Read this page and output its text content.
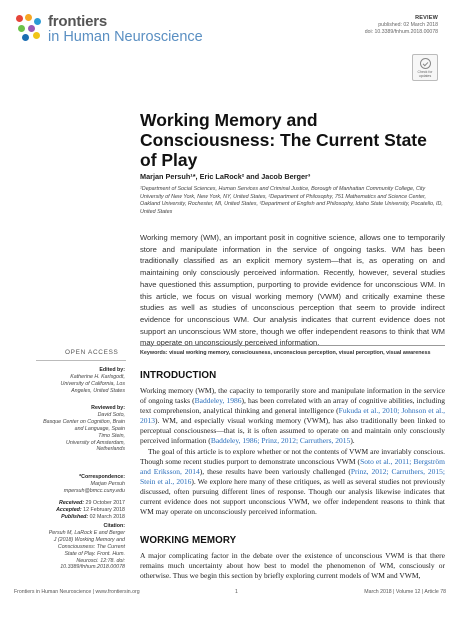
frontiers
in Human Neuroscience
REVIEW
published: 02 March 2018
doi: 10.3389/fnhum.2018.00078
Check for
updates
Working Memory and Consciousness: The Current State of Play
Marjan Persuh¹*, Eric LaRock² and Jacob Berger³
¹Department of Social Sciences, Human Services and Criminal Justice, Borough of Manhattan Community College, City University of New York, New York, NY, United States, ²Department of Philosophy, 751 Mathematics and Science Center, Oakland University, Rochester, MI, United States, ³Department of English and Philosophy, Idaho State University, Pocatello, ID, United States
Working memory (WM), an important posit in cognitive science, allows one to temporarily store and manipulate information in the service of ongoing tasks. WM has been traditionally classified as an explicit memory system—that is, as operating on and maintaining only consciously perceived information. Recently, however, several studies have questioned this assumption, purporting to provide evidence for unconscious WM. In this article, we focus on visual working memory (VWM) and critically examine these studies as well as studies of unconscious perception that seem to provide indirect evidence for unconscious WM. Our analysis indicates that current evidence does not support an unconscious WM store, though we offer independent reasons to think that WM may operate on unconsciously perceived information.
Keywords: visual working memory, consciousness, unconscious perception, visual perception, visual awareness
OPEN ACCESS
Edited by:
Katherine H. Karlsgodt,
University of California, Los Angeles, United States
Reviewed by:
David Soto,
Basque Center on Cognition, Brain and Language, Spain
Timo Stein,
University of Amsterdam, Netherlands
*Correspondence:
Marjan Persuh
mpersuh@bmcc.cuny.edu
Received: 29 October 2017
Accepted: 12 February 2018
Published: 02 March 2018
Citation:
Persuh M, LaRock E and Berger J (2018) Working Memory and Consciousness: The Current State of Play. Front. Hum. Neurosci. 12:78. doi: 10.3389/fnhum.2018.00078
INTRODUCTION

Working memory (WM), the capacity to temporarily store and manipulate information in the service of ongoing tasks (Baddeley, 1986), has been correlated with an array of cognitive abilities, including text comprehension, analytical thinking and general intelligence (Fukuda et al., 2010; Johnson et al., 2013). WM, and especially visual working memory (VWM), has also traditionally been linked to perceptual consciousness—that is, it is often assumed to operate on and maintain only consciously perceived information (Baddeley, 1986; Prinz, 2012; Carruthers, 2015).

The goal of this article is to explore whether or not the contents of VWM are invariably conscious. Though some recent studies purport to demonstrate unconscious VWM (Soto et al., 2011; Bergström and Eriksson, 2014), these results have been variously challenged (Prinz, 2012; Carruthers, 2015; Stein et al., 2016). We explore here many of these critiques, as well as several studies not previously discussed, often pursuing different lines of response. Though our analysis likewise indicates that current evidence does not support unconscious VWM, we offer independent reasons to think that WM may operate on unconsciously perceived information.

WORKING MEMORY

A major complicating factor in the debate over the existence of unconscious VWM is that there remains much uncertainty about how best to model the phenomenon of WM, consciously or otherwise. Thus we begin this section by briefly exploring current models of WM and VWM,

Frontiers in Human Neuroscience | www.frontiersin.org	1	March 2018 | Volume 12 | Article 78
